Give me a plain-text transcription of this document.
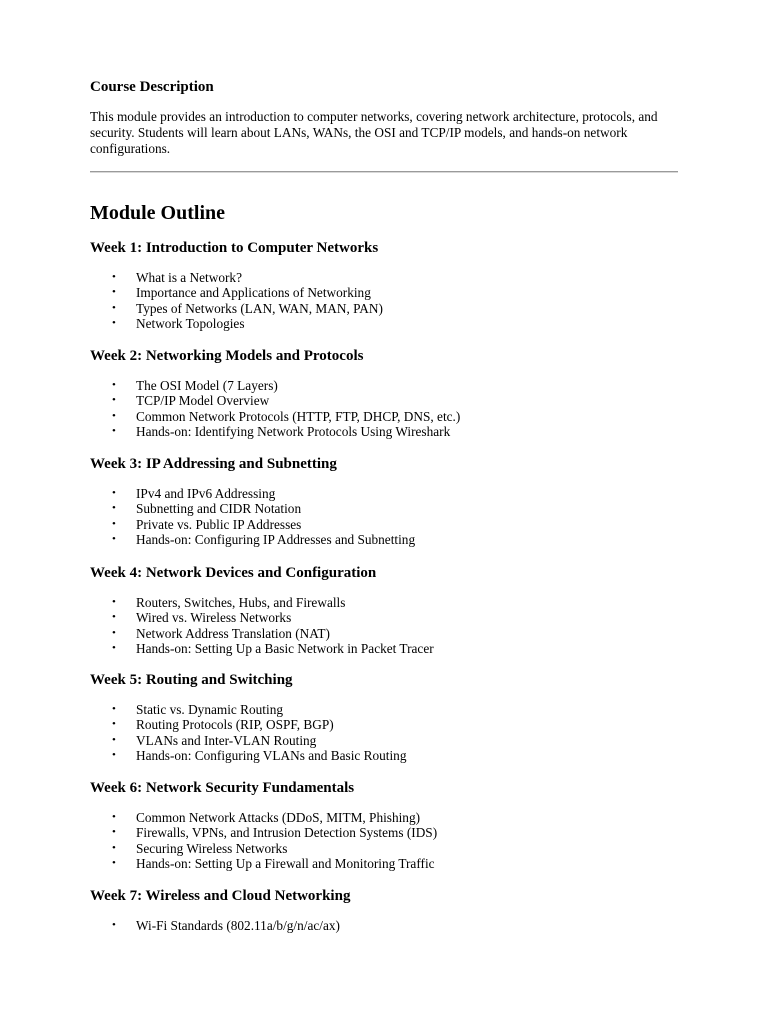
Course Description

This module provides an introduction to computer networks, covering network architecture, protocols, and security. Students will learn about LANs, WANs, the OSI and TCP/IP models, and hands-on network configurations.

Module Outline
Week 1: Introduction to Computer Networks
• What is a Network?
• Importance and Applications of Networking
• Types of Networks (LAN, WAN, MAN, PAN)
• Network Topologies
Week 2: Networking Models and Protocols
• The OSI Model (7 Layers)
• TCP/IP Model Overview
• Common Network Protocols (HTTP, FTP, DHCP, DNS, etc.)
• Hands-on: Identifying Network Protocols Using Wireshark
Week 3: IP Addressing and Subnetting
• IPv4 and IPv6 Addressing
• Subnetting and CIDR Notation
• Private vs. Public IP Addresses
• Hands-on: Configuring IP Addresses and Subnetting
Week 4: Network Devices and Configuration
• Routers, Switches, Hubs, and Firewalls
• Wired vs. Wireless Networks
• Network Address Translation (NAT)
• Hands-on: Setting Up a Basic Network in Packet Tracer
Week 5: Routing and Switching
• Static vs. Dynamic Routing
• Routing Protocols (RIP, OSPF, BGP)
• VLANs and Inter-VLAN Routing
• Hands-on: Configuring VLANs and Basic Routing
Week 6: Network Security Fundamentals
• Common Network Attacks (DDoS, MITM, Phishing)
• Firewalls, VPNs, and Intrusion Detection Systems (IDS)
• Securing Wireless Networks
• Hands-on: Setting Up a Firewall and Monitoring Traffic
Week 7: Wireless and Cloud Networking
• Wi-Fi Standards (802.11a/b/g/n/ac/ax)
